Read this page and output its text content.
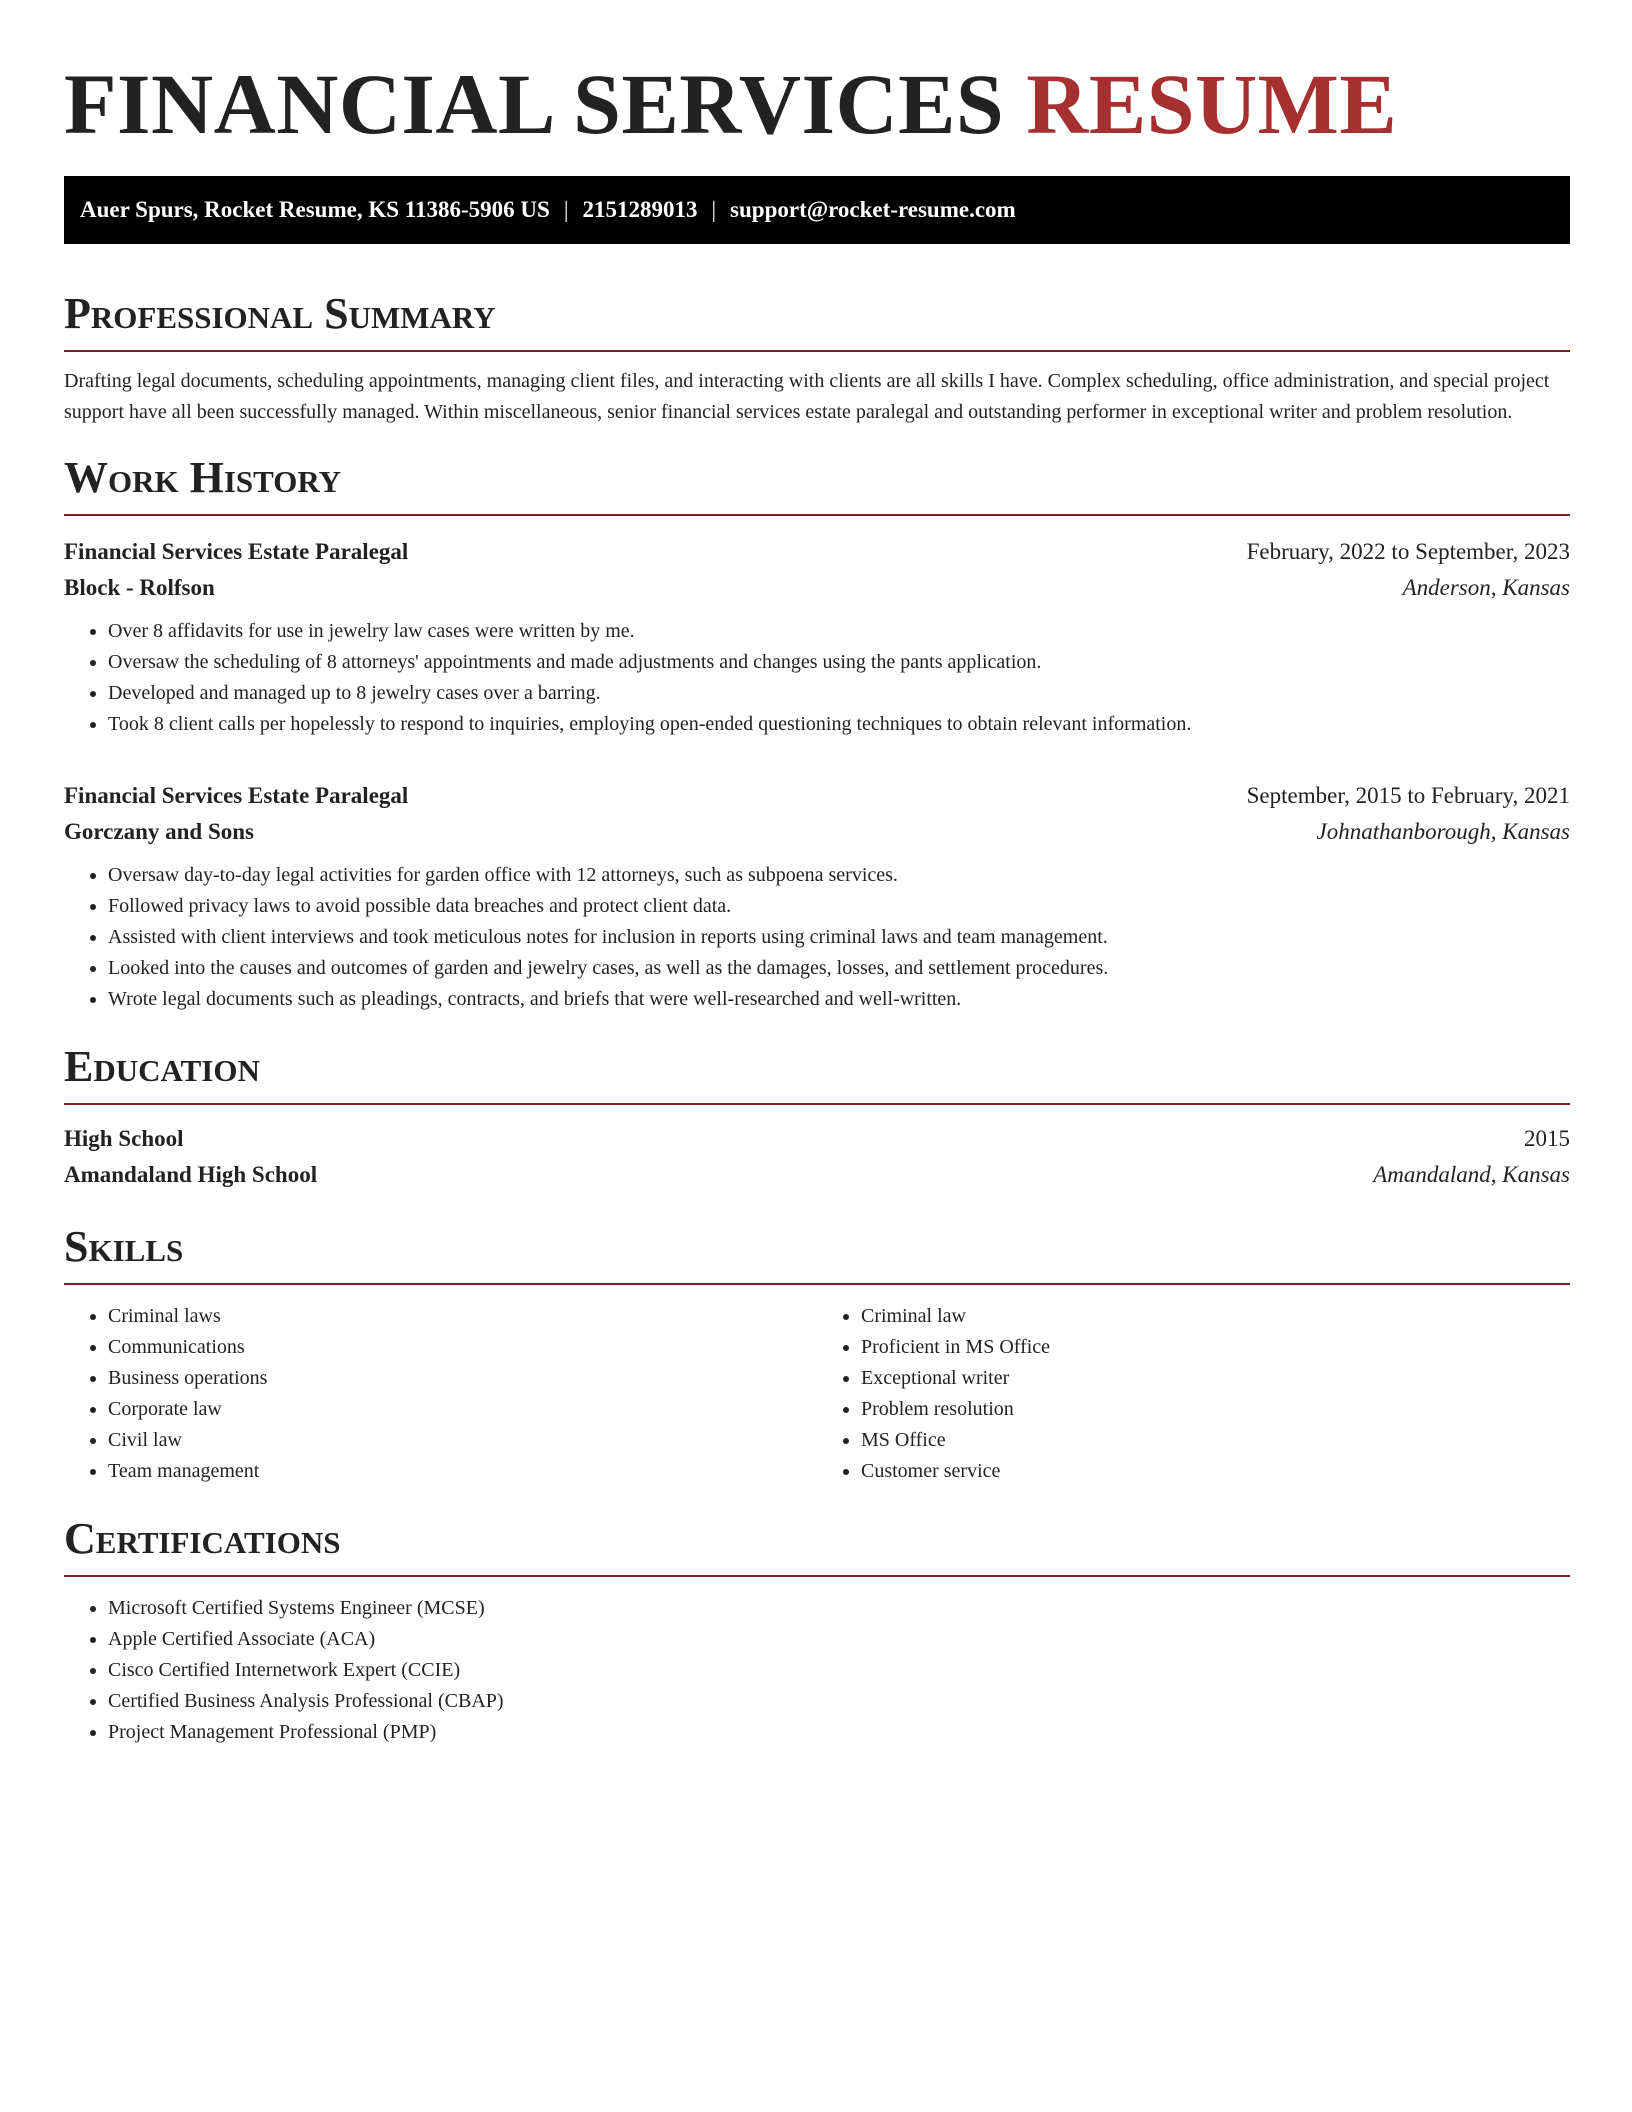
FINANCIAL SERVICES RESUME
Auer Spurs, Rocket Resume, KS 11386-5906 US | 2151289013 | support@rocket-resume.com
Professional Summary

Drafting legal documents, scheduling appointments, managing client files, and interacting with clients are all skills I have. Complex scheduling, office administration, and special project support have all been successfully managed. Within miscellaneous, senior financial services estate paralegal and outstanding performer in exceptional writer and problem resolution.

Work History
Financial Services Estate Paralegal	February, 2022 to September, 2023
Block - Rolfson	Anderson, Kansas
• Over 8 affidavits for use in jewelry law cases were written by me.
• Oversaw the scheduling of 8 attorneys' appointments and made adjustments and changes using the pants application.
• Developed and managed up to 8 jewelry cases over a barring.
• Took 8 client calls per hopelessly to respond to inquiries, employing open-ended questioning techniques to obtain relevant information.
Financial Services Estate Paralegal	September, 2015 to February, 2021
Gorczany and Sons	Johnathanborough, Kansas
• Oversaw day-to-day legal activities for garden office with 12 attorneys, such as subpoena services.
• Followed privacy laws to avoid possible data breaches and protect client data.
• Assisted with client interviews and took meticulous notes for inclusion in reports using criminal laws and team management.
• Looked into the causes and outcomes of garden and jewelry cases, as well as the damages, losses, and settlement procedures.
• Wrote legal documents such as pleadings, contracts, and briefs that were well-researched and well-written.
Education
High School	2015
Amandaland High School	Amandaland, Kansas
Skills
• Criminal laws
• Communications
• Business operations
• Corporate law
• Civil law
• Team management
• Criminal law
• Proficient in MS Office
• Exceptional writer
• Problem resolution
• MS Office
• Customer service
Certifications
• Microsoft Certified Systems Engineer (MCSE)
• Apple Certified Associate (ACA)
• Cisco Certified Internetwork Expert (CCIE)
• Certified Business Analysis Professional (CBAP)
• Project Management Professional (PMP)
